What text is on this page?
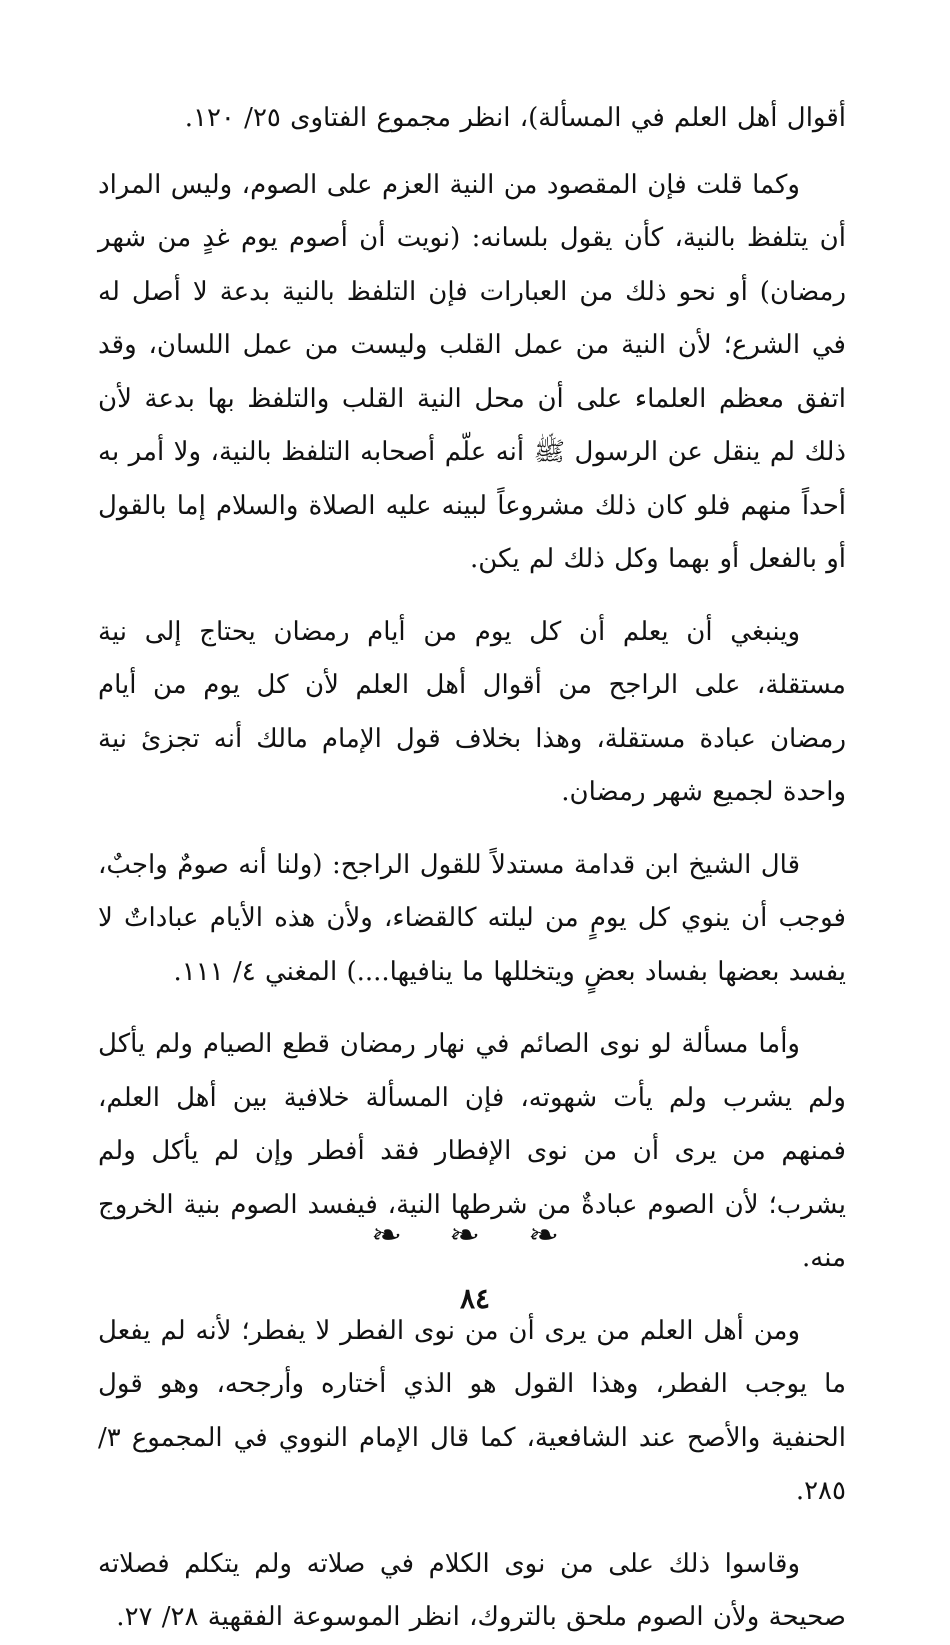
أقوال أهل العلم في المسألة)، انظر مجموع الفتاوى ٢٥/ ١٢٠.

وكما قلت فإن المقصود من النية العزم على الصوم، وليس المراد أن يتلفظ بالنية، كأن يقول بلسانه: (نويت أن أصوم يوم غدٍ من شهر رمضان) أو نحو ذلك من العبارات فإن التلفظ بالنية بدعة لا أصل له في الشرع؛ لأن النية من عمل القلب وليست من عمل اللسان، وقد اتفق معظم العلماء على أن محل النية القلب والتلفظ بها بدعة لأن ذلك لم ينقل عن الرسول ﷺ أنه علّم أصحابه التلفظ بالنية، ولا أمر به أحداً منهم فلو كان ذلك مشروعاً لبينه عليه الصلاة والسلام إما بالقول أو بالفعل أو بهما وكل ذلك لم يكن.

وينبغي أن يعلم أن كل يوم من أيام رمضان يحتاج إلى نية مستقلة، على الراجح من أقوال أهل العلم لأن كل يوم من أيام رمضان عبادة مستقلة، وهذا بخلاف قول الإمام مالك أنه تجزئ نية واحدة لجميع شهر رمضان.

قال الشيخ ابن قدامة مستدلاً للقول الراجح: (ولنا أنه صومٌ واجبٌ، فوجب أن ينوي كل يومٍ من ليلته كالقضاء، ولأن هذه الأيام عباداتٌ لا يفسد بعضها بفساد بعضٍ ويتخللها ما ينافيها....) المغني ٤/ ١١١.

وأما مسألة لو نوى الصائم في نهار رمضان قطع الصيام ولم يأكل ولم يشرب ولم يأت شهوته، فإن المسألة خلافية بين أهل العلم، فمنهم من يرى أن من نوى الإفطار فقد أفطر وإن لم يأكل ولم يشرب؛ لأن الصوم عبادةٌ من شرطها النية، فيفسد الصوم بنية الخروج منه.

ومن أهل العلم من يرى أن من نوى الفطر لا يفطر؛ لأنه لم يفعل ما يوجب الفطر، وهذا القول هو الذي أختاره وأرجحه، وهو قول الحنفية والأصح عند الشافعية، كما قال الإمام النووي في المجموع ٣/ ٢٨٥.

وقاسوا ذلك على من نوى الكلام في صلاته ولم يتكلم فصلاته صحيحة ولأن الصوم ملحق بالتروك، انظر الموسوعة الفقهية ٢٨/ ٢٧.

❧ ❧ ❧
٨٤
